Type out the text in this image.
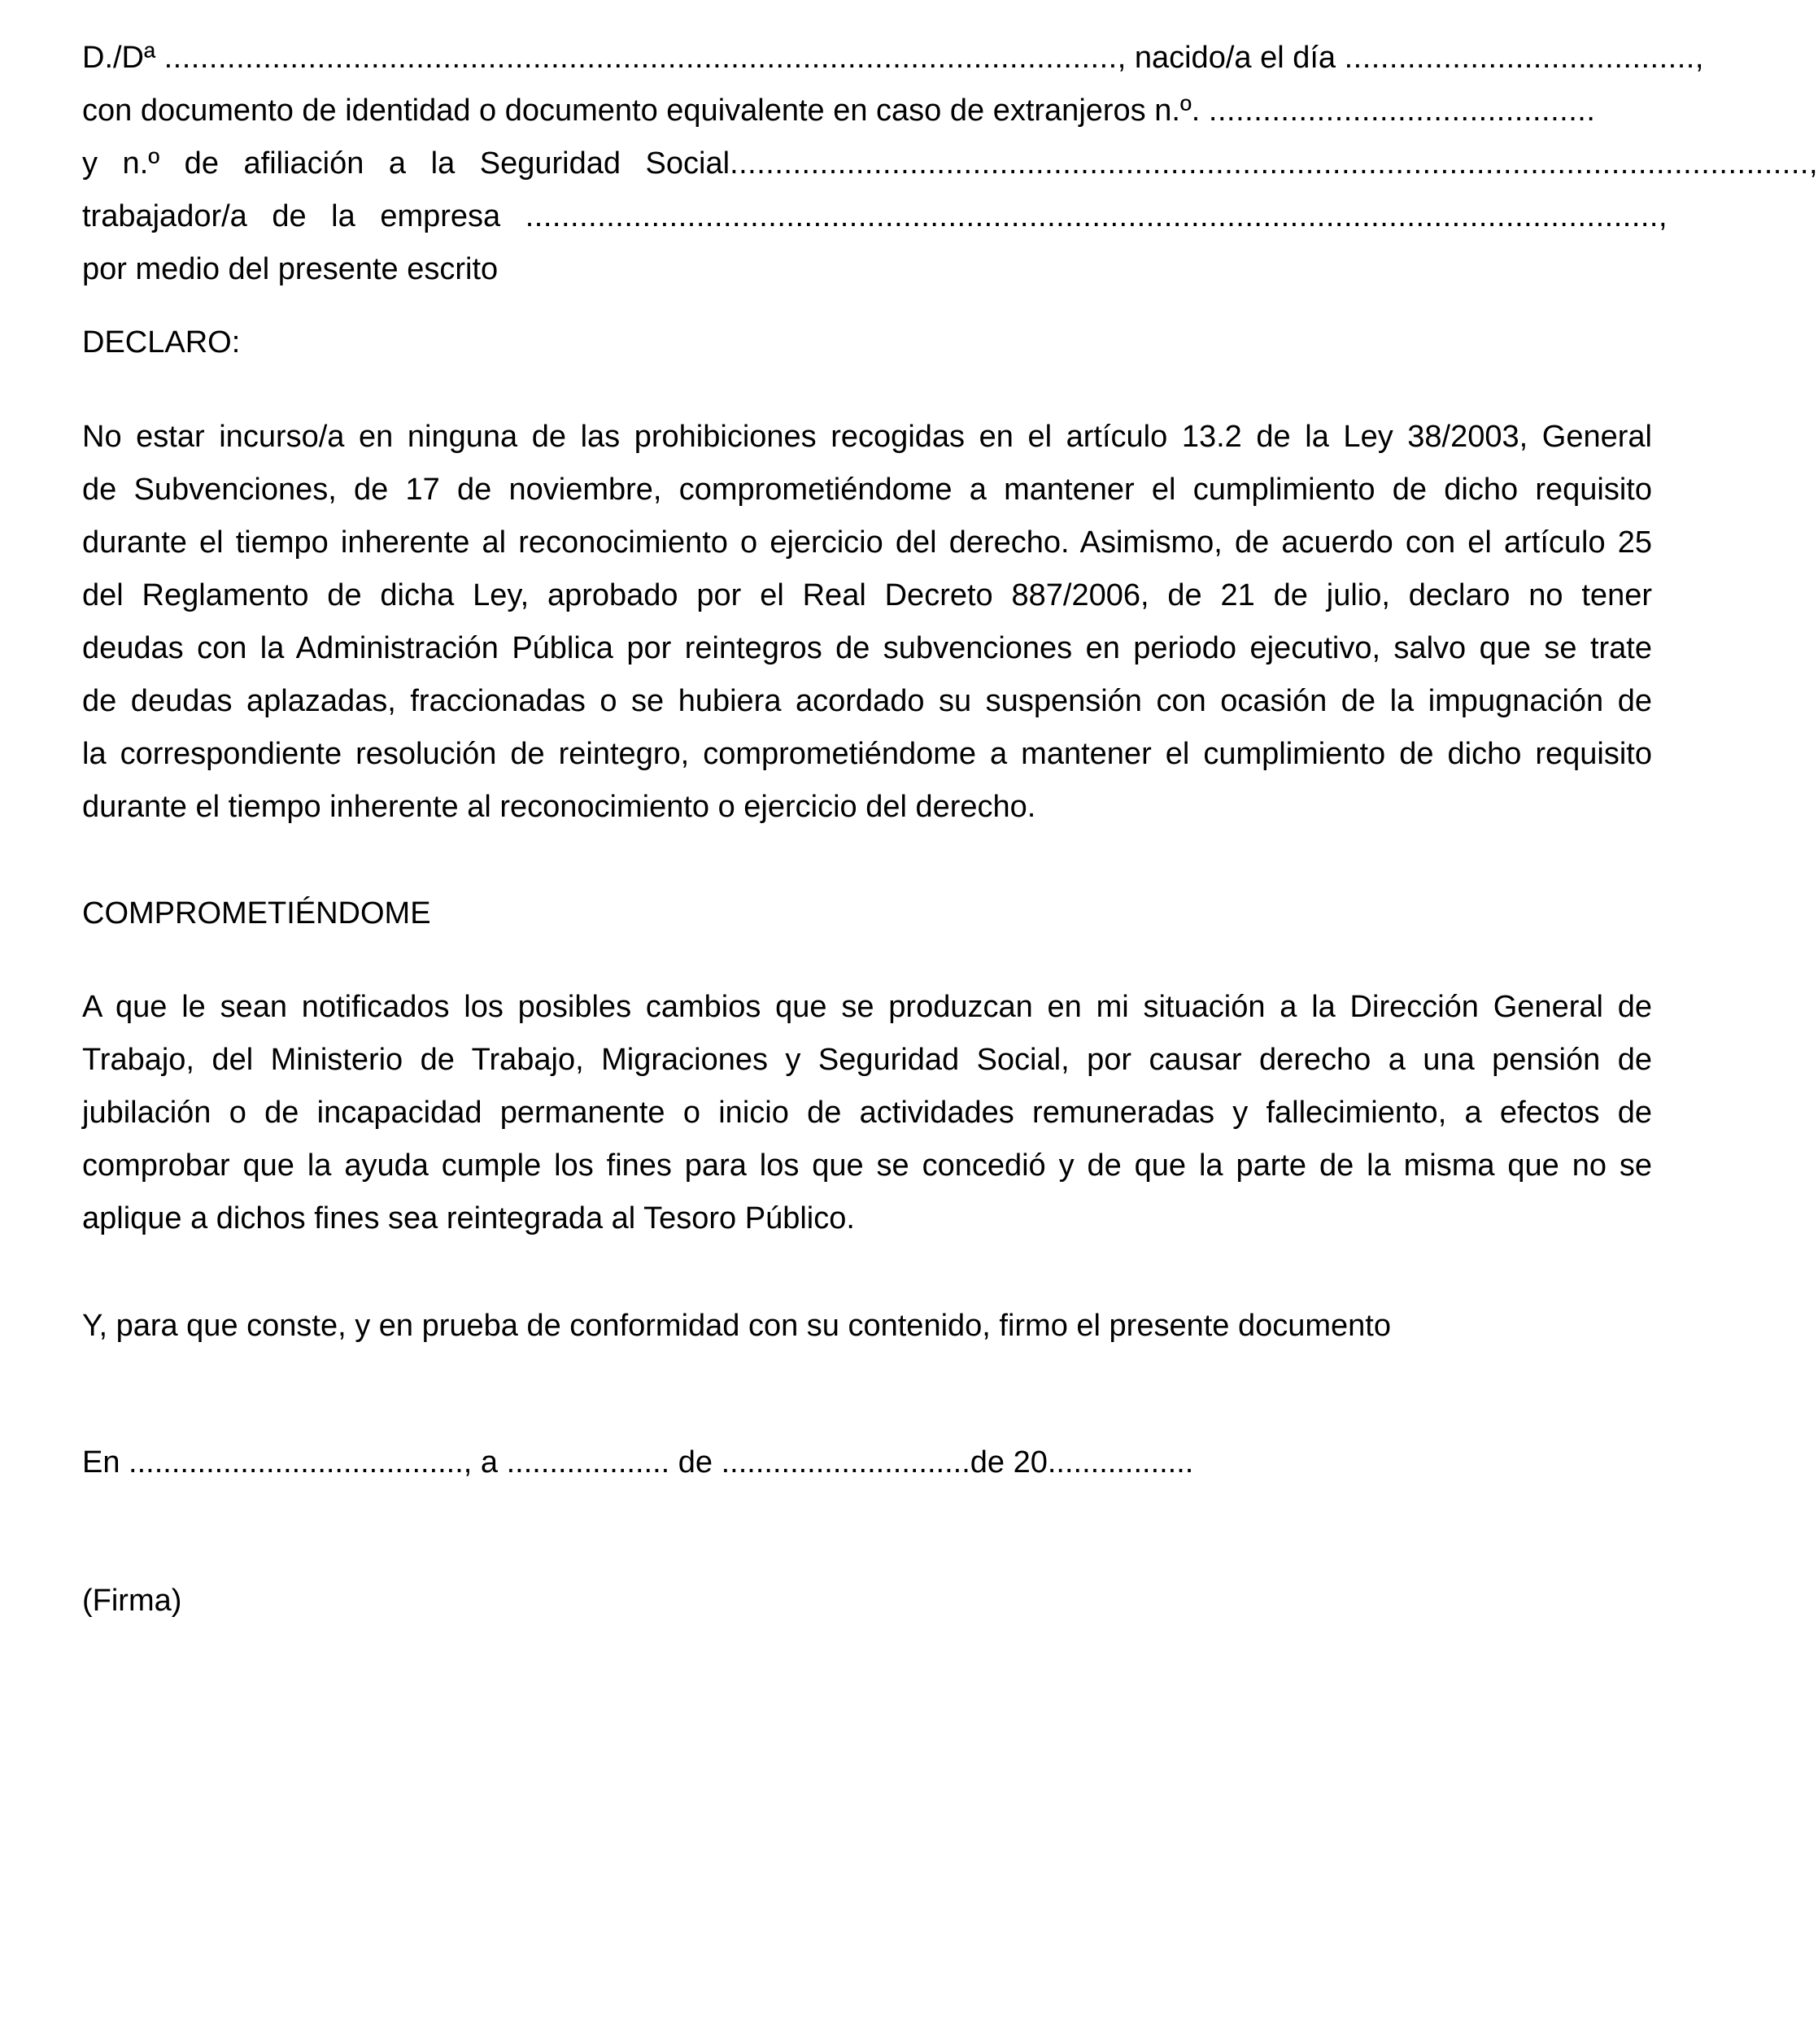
D./Dª .......................................................................................................... , nacido/a el día ....................................... ,
con documento de identidad o documento equivalente en caso de extranjeros n.º. ...........................................
y n.º de afiliación a la Seguridad Social ........................................................................................................................ ,
trabajador/a de la empresa .............................................................................................................................. ,
por medio del presente escrito
DECLARO:
No estar incurso/a en ninguna de las prohibiciones recogidas en el artículo 13.2 de la Ley 38/2003, General
de Subvenciones, de 17 de noviembre, comprometiéndome a mantener el cumplimiento de dicho requisito
durante el tiempo inherente al reconocimiento o ejercicio del derecho. Asimismo, de acuerdo con el artículo 25
del Reglamento de dicha Ley, aprobado por el Real Decreto 887/2006, de 21 de julio, declaro no tener
deudas con la Administración Pública por reintegros de subvenciones en periodo ejecutivo, salvo que se trate
de deudas aplazadas, fraccionadas o se hubiera acordado su suspensión con ocasión de la impugnación de
la correspondiente resolución de reintegro, comprometiéndome a mantener el cumplimiento de dicho requisito
durante el tiempo inherente al reconocimiento o ejercicio del derecho.
COMPROMETIÉNDOME
A que le sean notificados los posibles cambios que se produzcan en mi situación a la Dirección General de
Trabajo, del Ministerio de Trabajo, Migraciones y Seguridad Social, por causar derecho a una pensión de
jubilación o de incapacidad permanente o inicio de actividades remuneradas y fallecimiento, a efectos de
comprobar que la ayuda cumple los fines para los que se concedió y de que la parte de la misma que no se
aplique a dichos fines sea reintegrada al Tesoro Público.
Y, para que conste, y en prueba de conformidad con su contenido, firmo el presente documento
En ....................................... , a ................... de ............................. de 20 .................
(Firma)
